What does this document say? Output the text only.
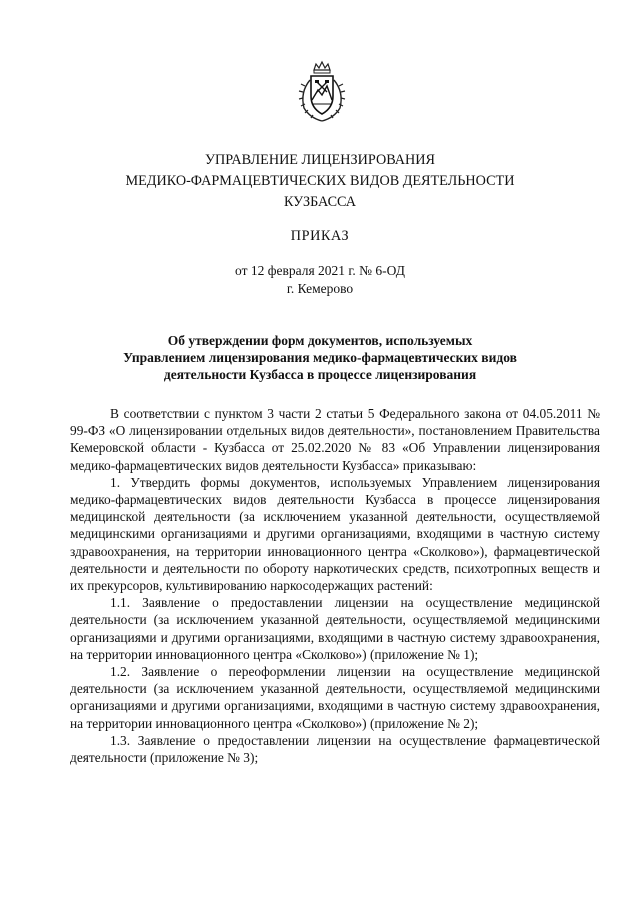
УПРАВЛЕНИЕ ЛИЦЕНЗИРОВАНИЯ
МЕДИКО-ФАРМАЦЕВТИЧЕСКИХ ВИДОВ ДЕЯТЕЛЬНОСТИ
КУЗБАССА
ПРИКАЗ
от 12 февраля 2021 г. № 6-ОД
г. Кемерово
Об утверждении форм документов, используемых
Управлением лицензирования медико-фармацевтических видов
деятельности Кузбасса в процессе лицензирования

В соответствии с пунктом 3 части 2 статьи 5 Федерального закона от 04.05.2011 № 99-ФЗ «О лицензировании отдельных видов деятельности», постановлением Правительства Кемеровской области - Кузбасса от 25.02.2020 № 83 «Об Управлении лицензирования медико-фармацевтических видов деятельности Кузбасса» приказываю:

1. Утвердить формы документов, используемых Управлением лицензирования медико-фармацевтических видов деятельности Кузбасса в процессе лицензирования медицинской деятельности (за исключением указанной деятельности, осуществляемой медицинскими организациями и другими организациями, входящими в частную систему здравоохранения, на территории инновационного центра «Сколково»), фармацевтической деятельности и деятельности по обороту наркотических средств, психотропных веществ и их прекурсоров, культивированию наркосодержащих растений:

1.1. Заявление о предоставлении лицензии на осуществление медицинской деятельности (за исключением указанной деятельности, осуществляемой медицинскими организациями и другими организациями, входящими в частную систему здравоохранения, на территории инновационного центра «Сколково») (приложение № 1);

1.2. Заявление о переоформлении лицензии на осуществление медицинской деятельности (за исключением указанной деятельности, осуществляемой медицинскими организациями и другими организациями, входящими в частную систему здравоохранения, на территории инновационного центра «Сколково») (приложение № 2);

1.3. Заявление о предоставлении лицензии на осуществление фармацевтической деятельности (приложение № 3);
